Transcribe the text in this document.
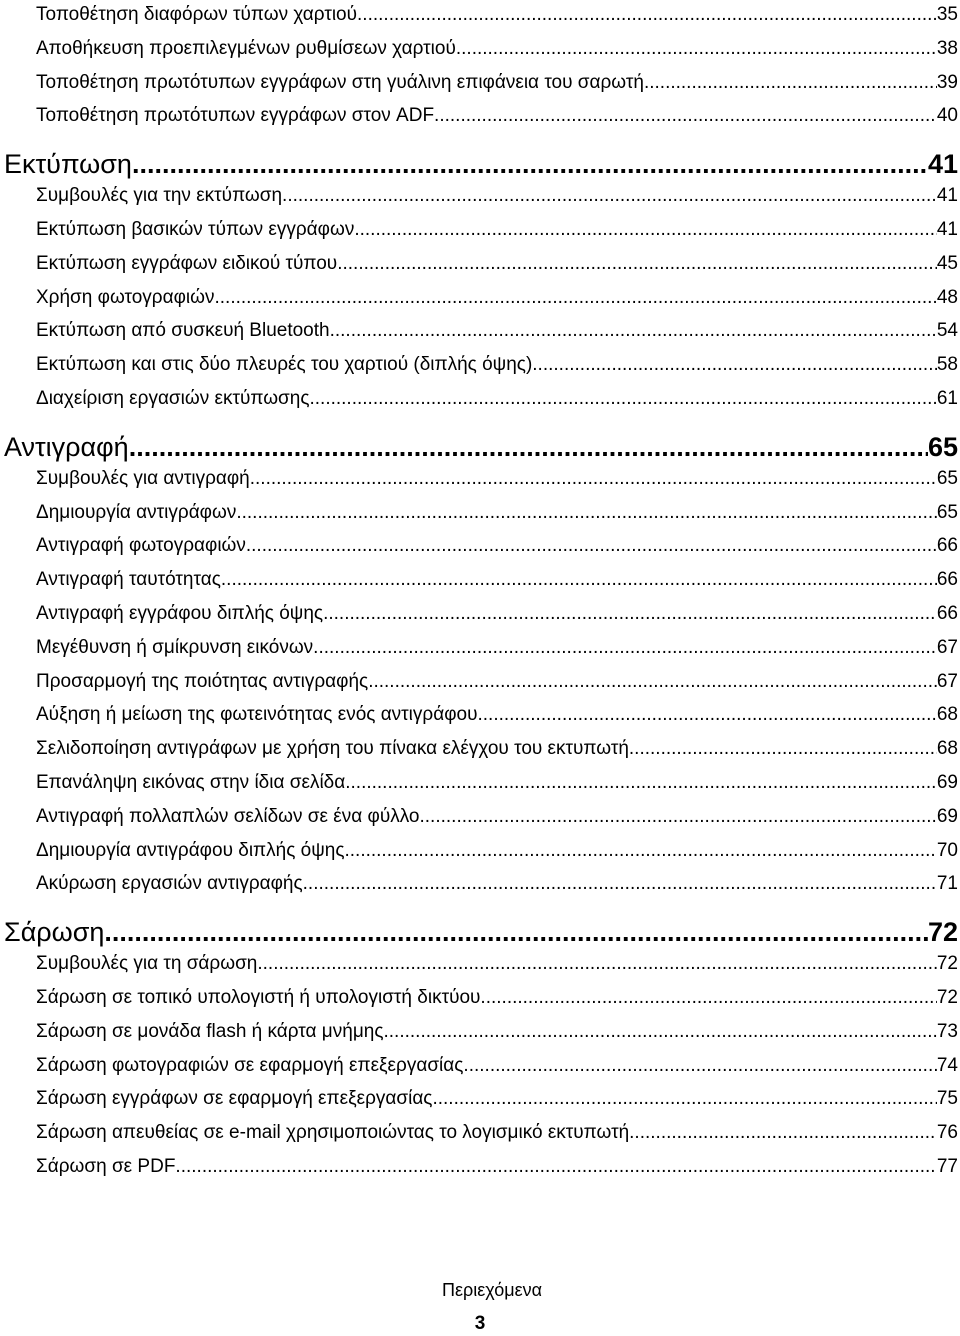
Τοποθέτηση διαφόρων τύπων χαρτιού .....	35
Αποθήκευση προεπιλεγμένων ρυθμίσεων χαρτιού .....	38
Τοποθέτηση πρωτότυπων εγγράφων στη γυάλινη επιφάνεια του σαρωτή .....	39
Τοποθέτηση πρωτότυπων εγγράφων στον ADF .....	40
Εκτύπωση .....	41
Συμβουλές για την εκτύπωση .....	41
Εκτύπωση βασικών τύπων εγγράφων .....	41
Εκτύπωση εγγράφων ειδικού τύπου .....	45
Χρήση φωτογραφιών .....	48
Εκτύπωση από συσκευή Bluetooth .....	54
Εκτύπωση και στις δύο πλευρές του χαρτιού (διπλής όψης) .....	58
Διαχείριση εργασιών εκτύπωσης .....	61
Αντιγραφή .....	65
Συμβουλές για αντιγραφή .....	65
Δημιουργία αντιγράφων .....	65
Αντιγραφή φωτογραφιών .....	66
Αντιγραφή ταυτότητας .....	66
Αντιγραφή εγγράφου διπλής όψης .....	66
Μεγέθυνση ή σμίκρυνση εικόνων .....	67
Προσαρμογή της ποιότητας αντιγραφής .....	67
Αύξηση ή μείωση της φωτεινότητας ενός αντιγράφου .....	68
Σελιδοποίηση αντιγράφων με χρήση του πίνακα ελέγχου του εκτυπωτή .....	68
Επανάληψη εικόνας στην ίδια σελίδα .....	69
Αντιγραφή πολλαπλών σελίδων σε ένα φύλλο .....	69
Δημιουργία αντιγράφου διπλής όψης .....	70
Ακύρωση εργασιών αντιγραφής .....	71
Σάρωση .....	72
Συμβουλές για τη σάρωση .....	72
Σάρωση σε τοπικό υπολογιστή ή υπολογιστή δικτύου .....	72
Σάρωση σε μονάδα flash ή κάρτα μνήμης .....	73
Σάρωση φωτογραφιών σε εφαρμογή επεξεργασίας .....	74
Σάρωση εγγράφων σε εφαρμογή επεξεργασίας .....	75
Σάρωση απευθείας σε e-mail χρησιμοποιώντας το λογισμικό εκτυπωτή .....	76
Σάρωση σε PDF .....	77
Περιεχόμενα
3
